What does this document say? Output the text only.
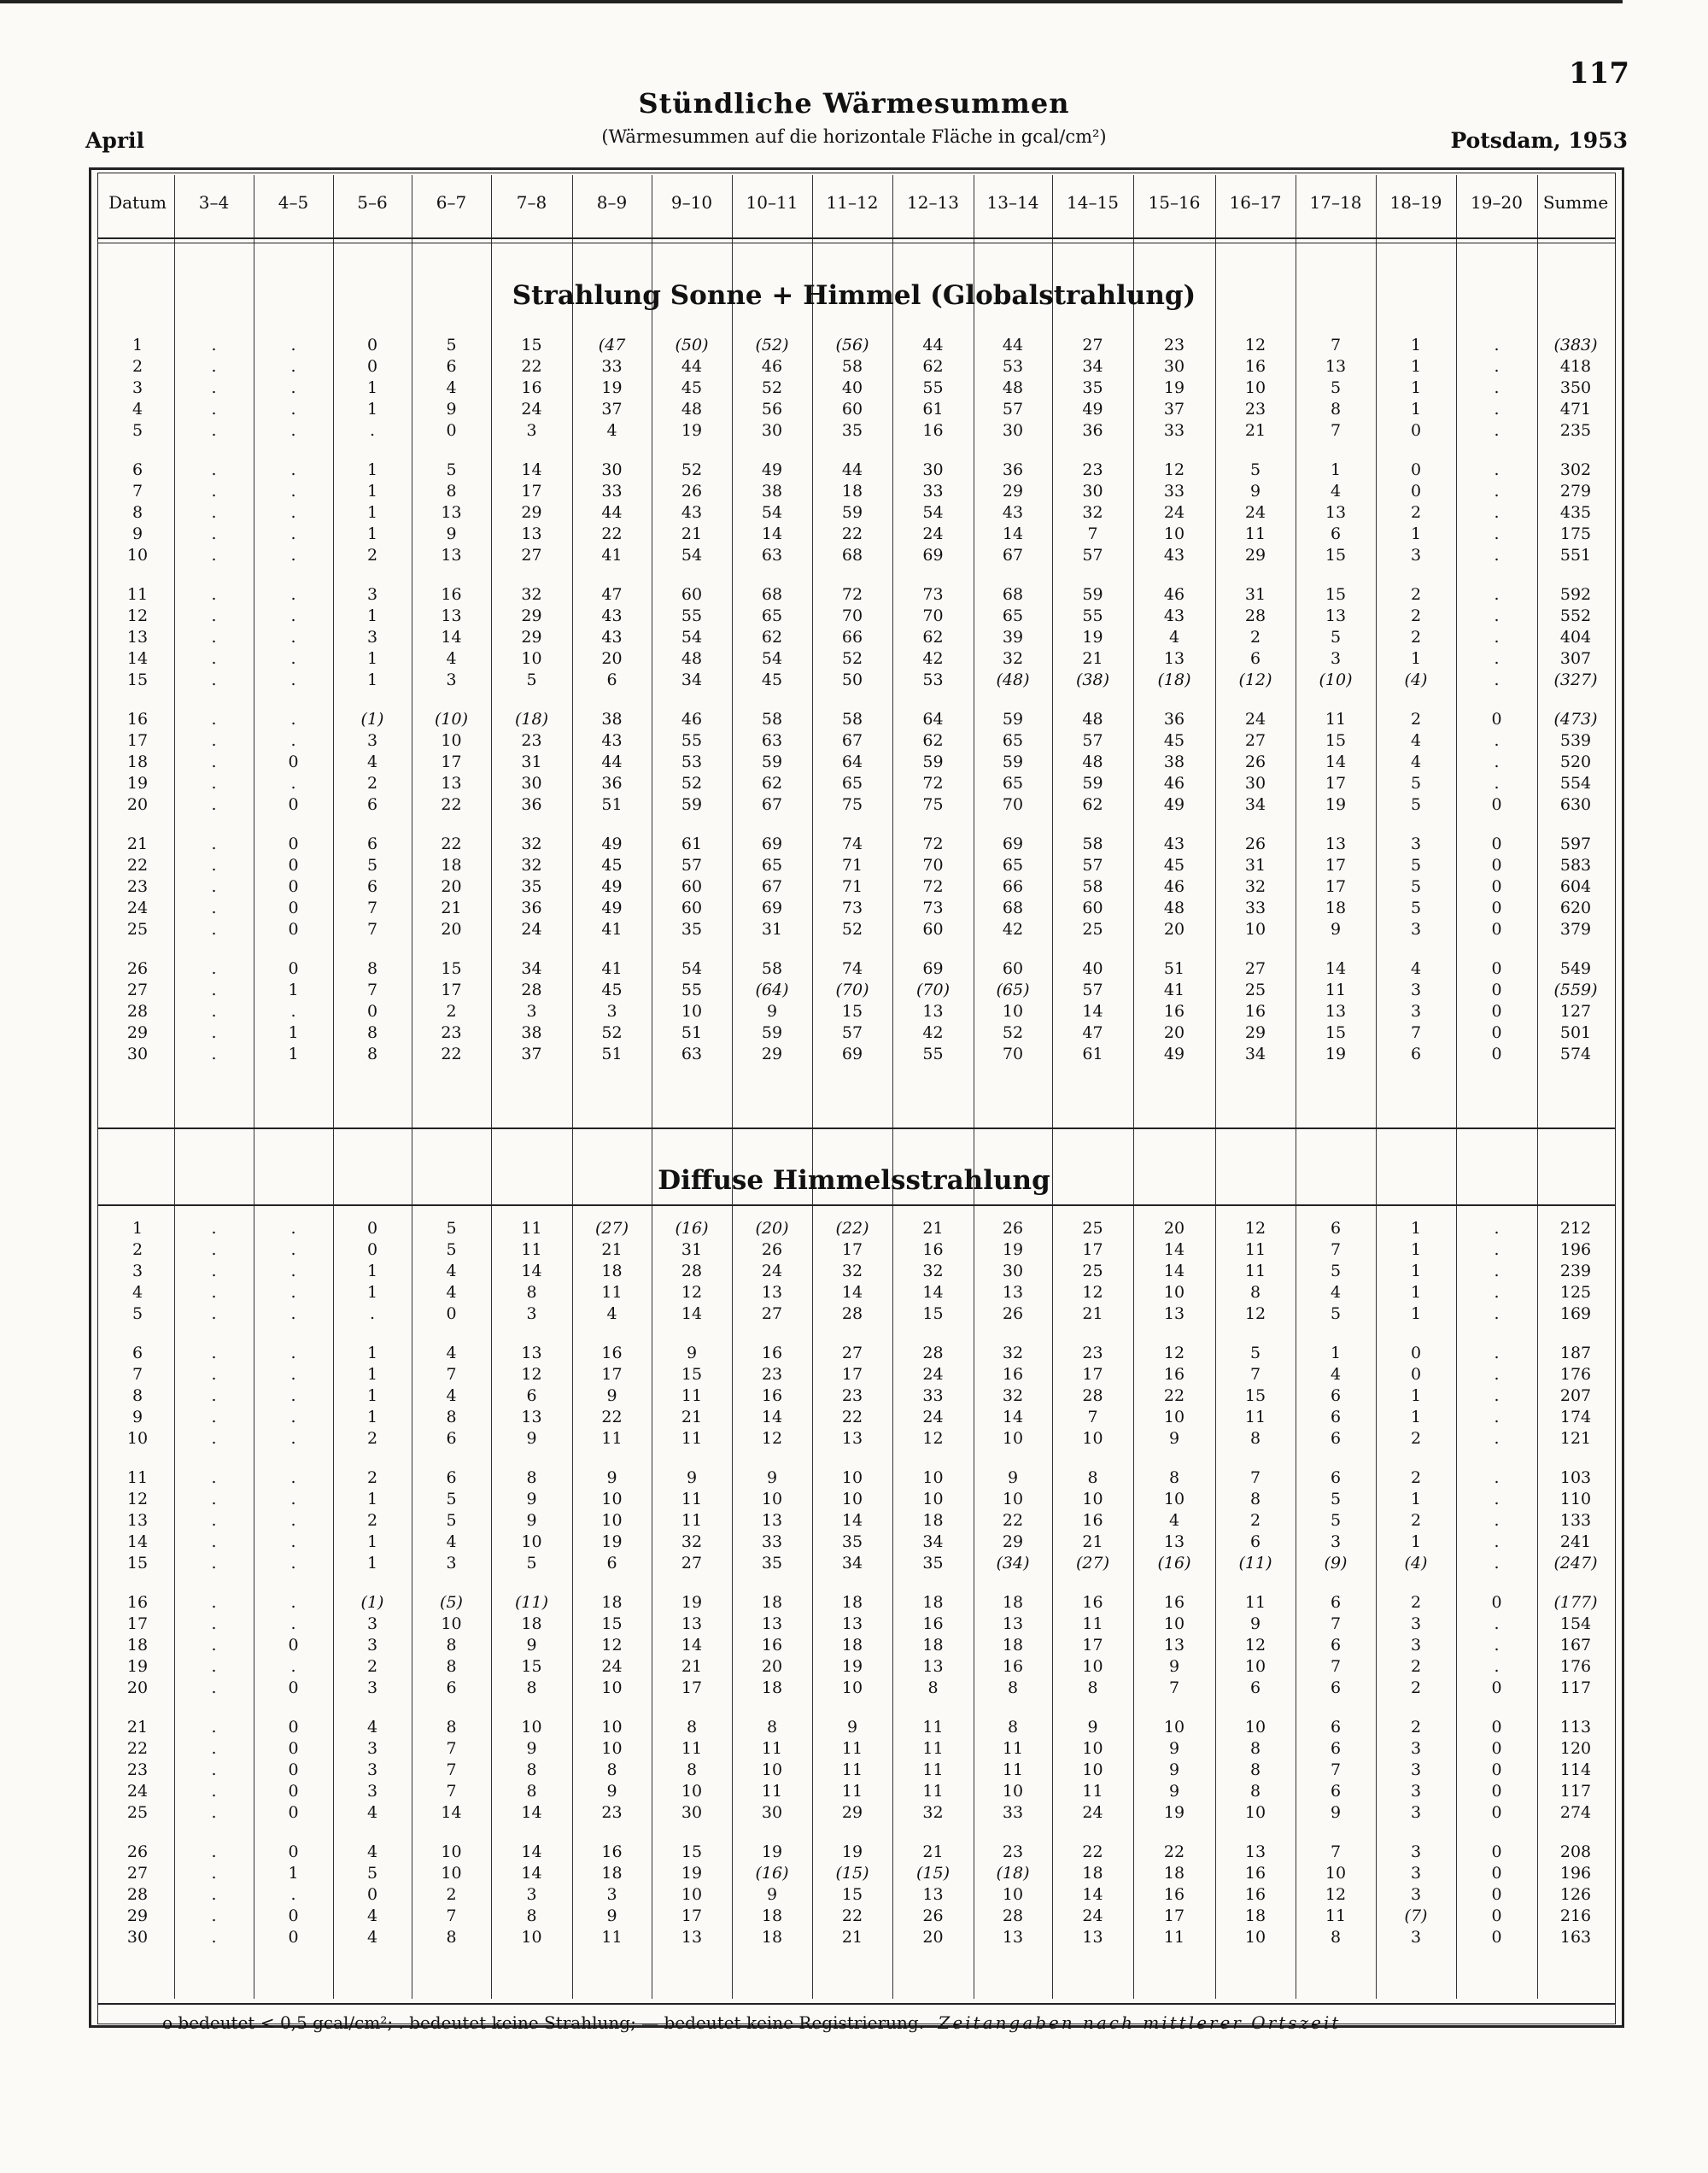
117
Stündliche Wärmesummen
(Wärmesummen auf die horizontale Fläche in gcal/cm²)
April	Potsdam, 1953
Datum	3–4	4–5	5–6	6–7	7–8	8–9	9–10	10–11	11–12	12–13	13–14	14–15	15–16	16–17	17–18	18–19	19–20	Summe
Strahlung Sonne + Himmel (Globalstrahlung)
1	.	.	0	5	15	(47	(50)	(52)	(56)	44	44	27	23	12	7	1	.	(383)
2	.	.	0	6	22	33	44	46	58	62	53	34	30	16	13	1	.	418
3	.	.	1	4	16	19	45	52	40	55	48	35	19	10	5	1	.	350
4	.	.	1	9	24	37	48	56	60	61	57	49	37	23	8	1	.	471
5	.	.	.	0	3	4	19	30	35	16	30	36	33	21	7	0	.	235
6	.	.	1	5	14	30	52	49	44	30	36	23	12	5	1	0	.	302
7	.	.	1	8	17	33	26	38	18	33	29	30	33	9	4	0	.	279
8	.	.	1	13	29	44	43	54	59	54	43	32	24	24	13	2	.	435
9	.	.	1	9	13	22	21	14	22	24	14	7	10	11	6	1	.	175
10	.	.	2	13	27	41	54	63	68	69	67	57	43	29	15	3	.	551
11	.	.	3	16	32	47	60	68	72	73	68	59	46	31	15	2	.	592
12	.	.	1	13	29	43	55	65	70	70	65	55	43	28	13	2	.	552
13	.	.	3	14	29	43	54	62	66	62	39	19	4	2	5	2	.	404
14	.	.	1	4	10	20	48	54	52	42	32	21	13	6	3	1	.	307
15	.	.	1	3	5	6	34	45	50	53	(48)	(38)	(18)	(12)	(10)	(4)	.	(327)
16	.	.	(1)	(10)	(18)	38	46	58	58	64	59	48	36	24	11	2	0	(473)
17	.	.	3	10	23	43	55	63	67	62	65	57	45	27	15	4	.	539
18	.	0	4	17	31	44	53	59	64	59	59	48	38	26	14	4	.	520
19	.	.	2	13	30	36	52	62	65	72	65	59	46	30	17	5	.	554
20	.	0	6	22	36	51	59	67	75	75	70	62	49	34	19	5	0	630
21	.	0	6	22	32	49	61	69	74	72	69	58	43	26	13	3	0	597
22	.	0	5	18	32	45	57	65	71	70	65	57	45	31	17	5	0	583
23	.	0	6	20	35	49	60	67	71	72	66	58	46	32	17	5	0	604
24	.	0	7	21	36	49	60	69	73	73	68	60	48	33	18	5	0	620
25	.	0	7	20	24	41	35	31	52	60	42	25	20	10	9	3	0	379
26	.	0	8	15	34	41	54	58	74	69	60	40	51	27	14	4	0	549
27	.	1	7	17	28	45	55	(64)	(70)	(70)	(65)	57	41	25	11	3	0	(559)
28	.	.	0	2	3	3	10	9	15	13	10	14	16	16	13	3	0	127
29	.	1	8	23	38	52	51	59	57	42	52	47	20	29	15	7	0	501
30	.	1	8	22	37	51	63	29	69	55	70	61	49	34	19	6	0	574
Diffuse Himmelsstrahlung
1	.	.	0	5	11	(27)	(16)	(20)	(22)	21	26	25	20	12	6	1	.	212
2	.	.	0	5	11	21	31	26	17	16	19	17	14	11	7	1	.	196
3	.	.	1	4	14	18	28	24	32	32	30	25	14	11	5	1	.	239
4	.	.	1	4	8	11	12	13	14	14	13	12	10	8	4	1	.	125
5	.	.	.	0	3	4	14	27	28	15	26	21	13	12	5	1	.	169
6	.	.	1	4	13	16	9	16	27	28	32	23	12	5	1	0	.	187
7	.	.	1	7	12	17	15	23	17	24	16	17	16	7	4	0	.	176
8	.	.	1	4	6	9	11	16	23	33	32	28	22	15	6	1	.	207
9	.	.	1	8	13	22	21	14	22	24	14	7	10	11	6	1	.	174
10	.	.	2	6	9	11	11	12	13	12	10	10	9	8	6	2	.	121
11	.	.	2	6	8	9	9	9	10	10	9	8	8	7	6	2	.	103
12	.	.	1	5	9	10	11	10	10	10	10	10	10	8	5	1	.	110
13	.	.	2	5	9	10	11	13	14	18	22	16	4	2	5	2	.	133
14	.	.	1	4	10	19	32	33	35	34	29	21	13	6	3	1	.	241
15	.	.	1	3	5	6	27	35	34	35	(34)	(27)	(16)	(11)	(9)	(4)	.	(247)
16	.	.	(1)	(5)	(11)	18	19	18	18	18	18	16	16	11	6	2	0	(177)
17	.	.	3	10	18	15	13	13	13	16	13	11	10	9	7	3	.	154
18	.	0	3	8	9	12	14	16	18	18	18	17	13	12	6	3	.	167
19	.	.	2	8	15	24	21	20	19	13	16	10	9	10	7	2	.	176
20	.	0	3	6	8	10	17	18	10	8	8	8	7	6	6	2	0	117
21	.	0	4	8	10	10	8	8	9	11	8	9	10	10	6	2	0	113
22	.	0	3	7	9	10	11	11	11	11	11	10	9	8	6	3	0	120
23	.	0	3	7	8	8	8	10	11	11	11	10	9	8	7	3	0	114
24	.	0	3	7	8	9	10	11	11	11	10	11	9	8	6	3	0	117
25	.	0	4	14	14	23	30	30	29	32	33	24	19	10	9	3	0	274
26	.	0	4	10	14	16	15	19	19	21	23	22	22	13	7	3	0	208
27	.	1	5	10	14	18	19	(16)	(15)	(15)	(18)	18	18	16	10	3	0	196
28	.	.	0	2	3	3	10	9	15	13	10	14	16	16	12	3	0	126
29	.	0	4	7	8	9	17	18	22	26	28	24	17	18	11	(7)	0	216
30	.	0	4	8	10	11	13	18	21	20	13	13	11	10	8	3	0	163
o bedeutet < 0,5 gcal/cm²; . bedeutet keine Strahlung; — bedeutet keine Registrierung. Zeitangaben nach mittlerer Ortszeit
